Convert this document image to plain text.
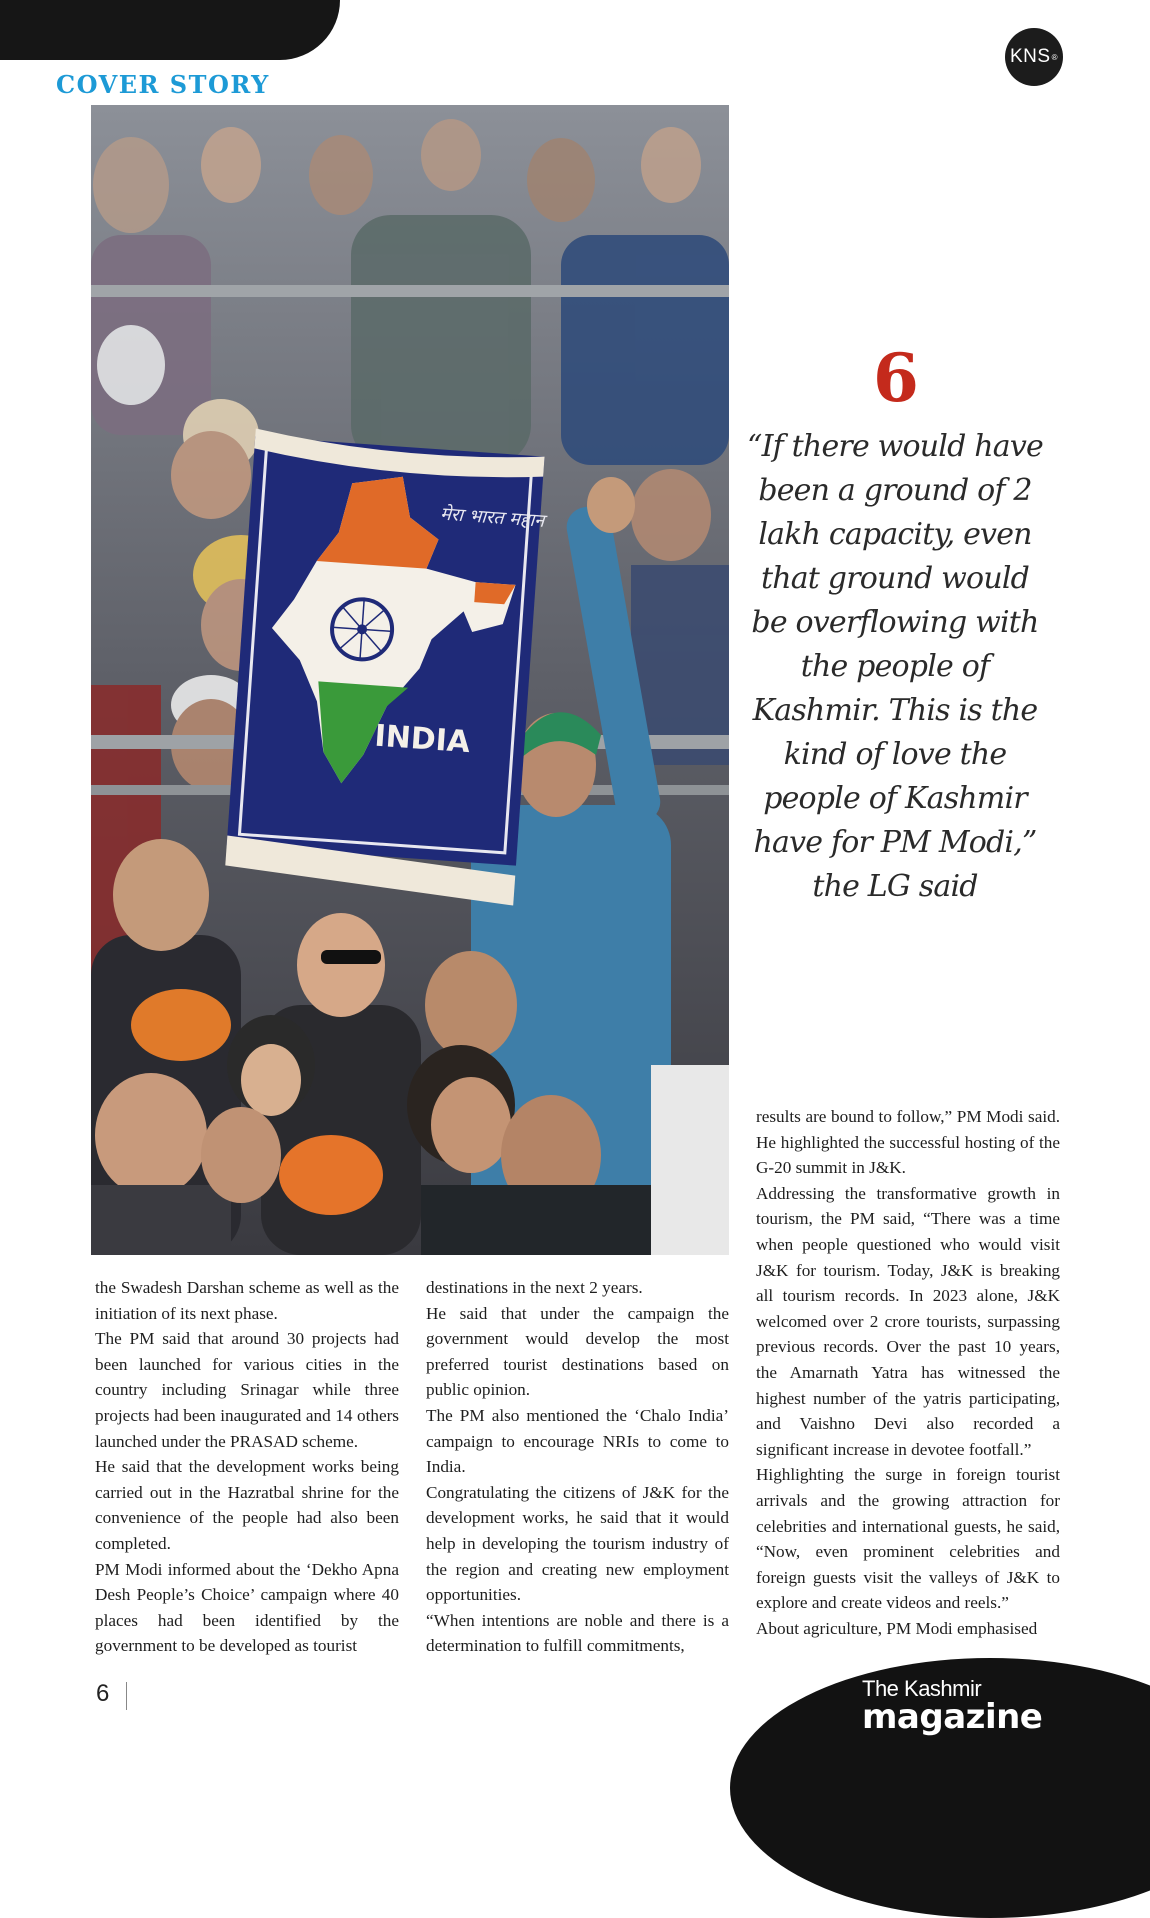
COVER STORY
KNS ®
मेरा भारत महान
INDIA
6
“If there would have been a ground of 2 lakh capacity, even that ground would be overflowing with the people of Kashmir. This is the kind of love the people of Kashmir have for PM Modi,” the LG said

the Swadesh Darshan scheme as well as the initiation of its next phase.

The PM said that around 30 projects had been launched for various cities in the country including Srinagar while three projects had been inaugurated and 14 others launched under the PRASAD scheme.

He said that the development works being carried out in the Hazratbal shrine for the convenience of the people had also been completed.

PM Modi informed about the ‘Dekho Apna Desh People’s Choice’ campaign where 40 places had been identified by the government to be developed as tourist

destinations in the next 2 years.

He said that under the campaign the government would develop the most preferred tourist destinations based on public opinion.

The PM also mentioned the ‘Chalo India’ campaign to encourage NRIs to come to India.

Congratulating the citizens of J&K for the development works, he said that it would help in developing the tourism industry of the region and creating new employment opportunities.

“When intentions are noble and there is a determination to fulfill commitments,

results are bound to follow,” PM Modi said. He highlighted the successful hosting of the G-20 summit in J&K.

Addressing the transformative growth in tourism, the PM said, “There was a time when people questioned who would visit J&K for tourism. Today, J&K is breaking all tourism records. In 2023 alone, J&K welcomed over 2 crore tourists, surpassing previous records. Over the past 10 years, the Amarnath Yatra has witnessed the highest number of the yatris participating, and Vaishno Devi also recorded a significant increase in devotee footfall.”

Highlighting the surge in foreign tourist arrivals and the growing attraction for celebrities and international guests, he said, “Now, even prominent celebrities and foreign guests visit the valleys of J&K to explore and create videos and reels.”

About agriculture, PM Modi emphasised

6	The Kashmir
magazine
